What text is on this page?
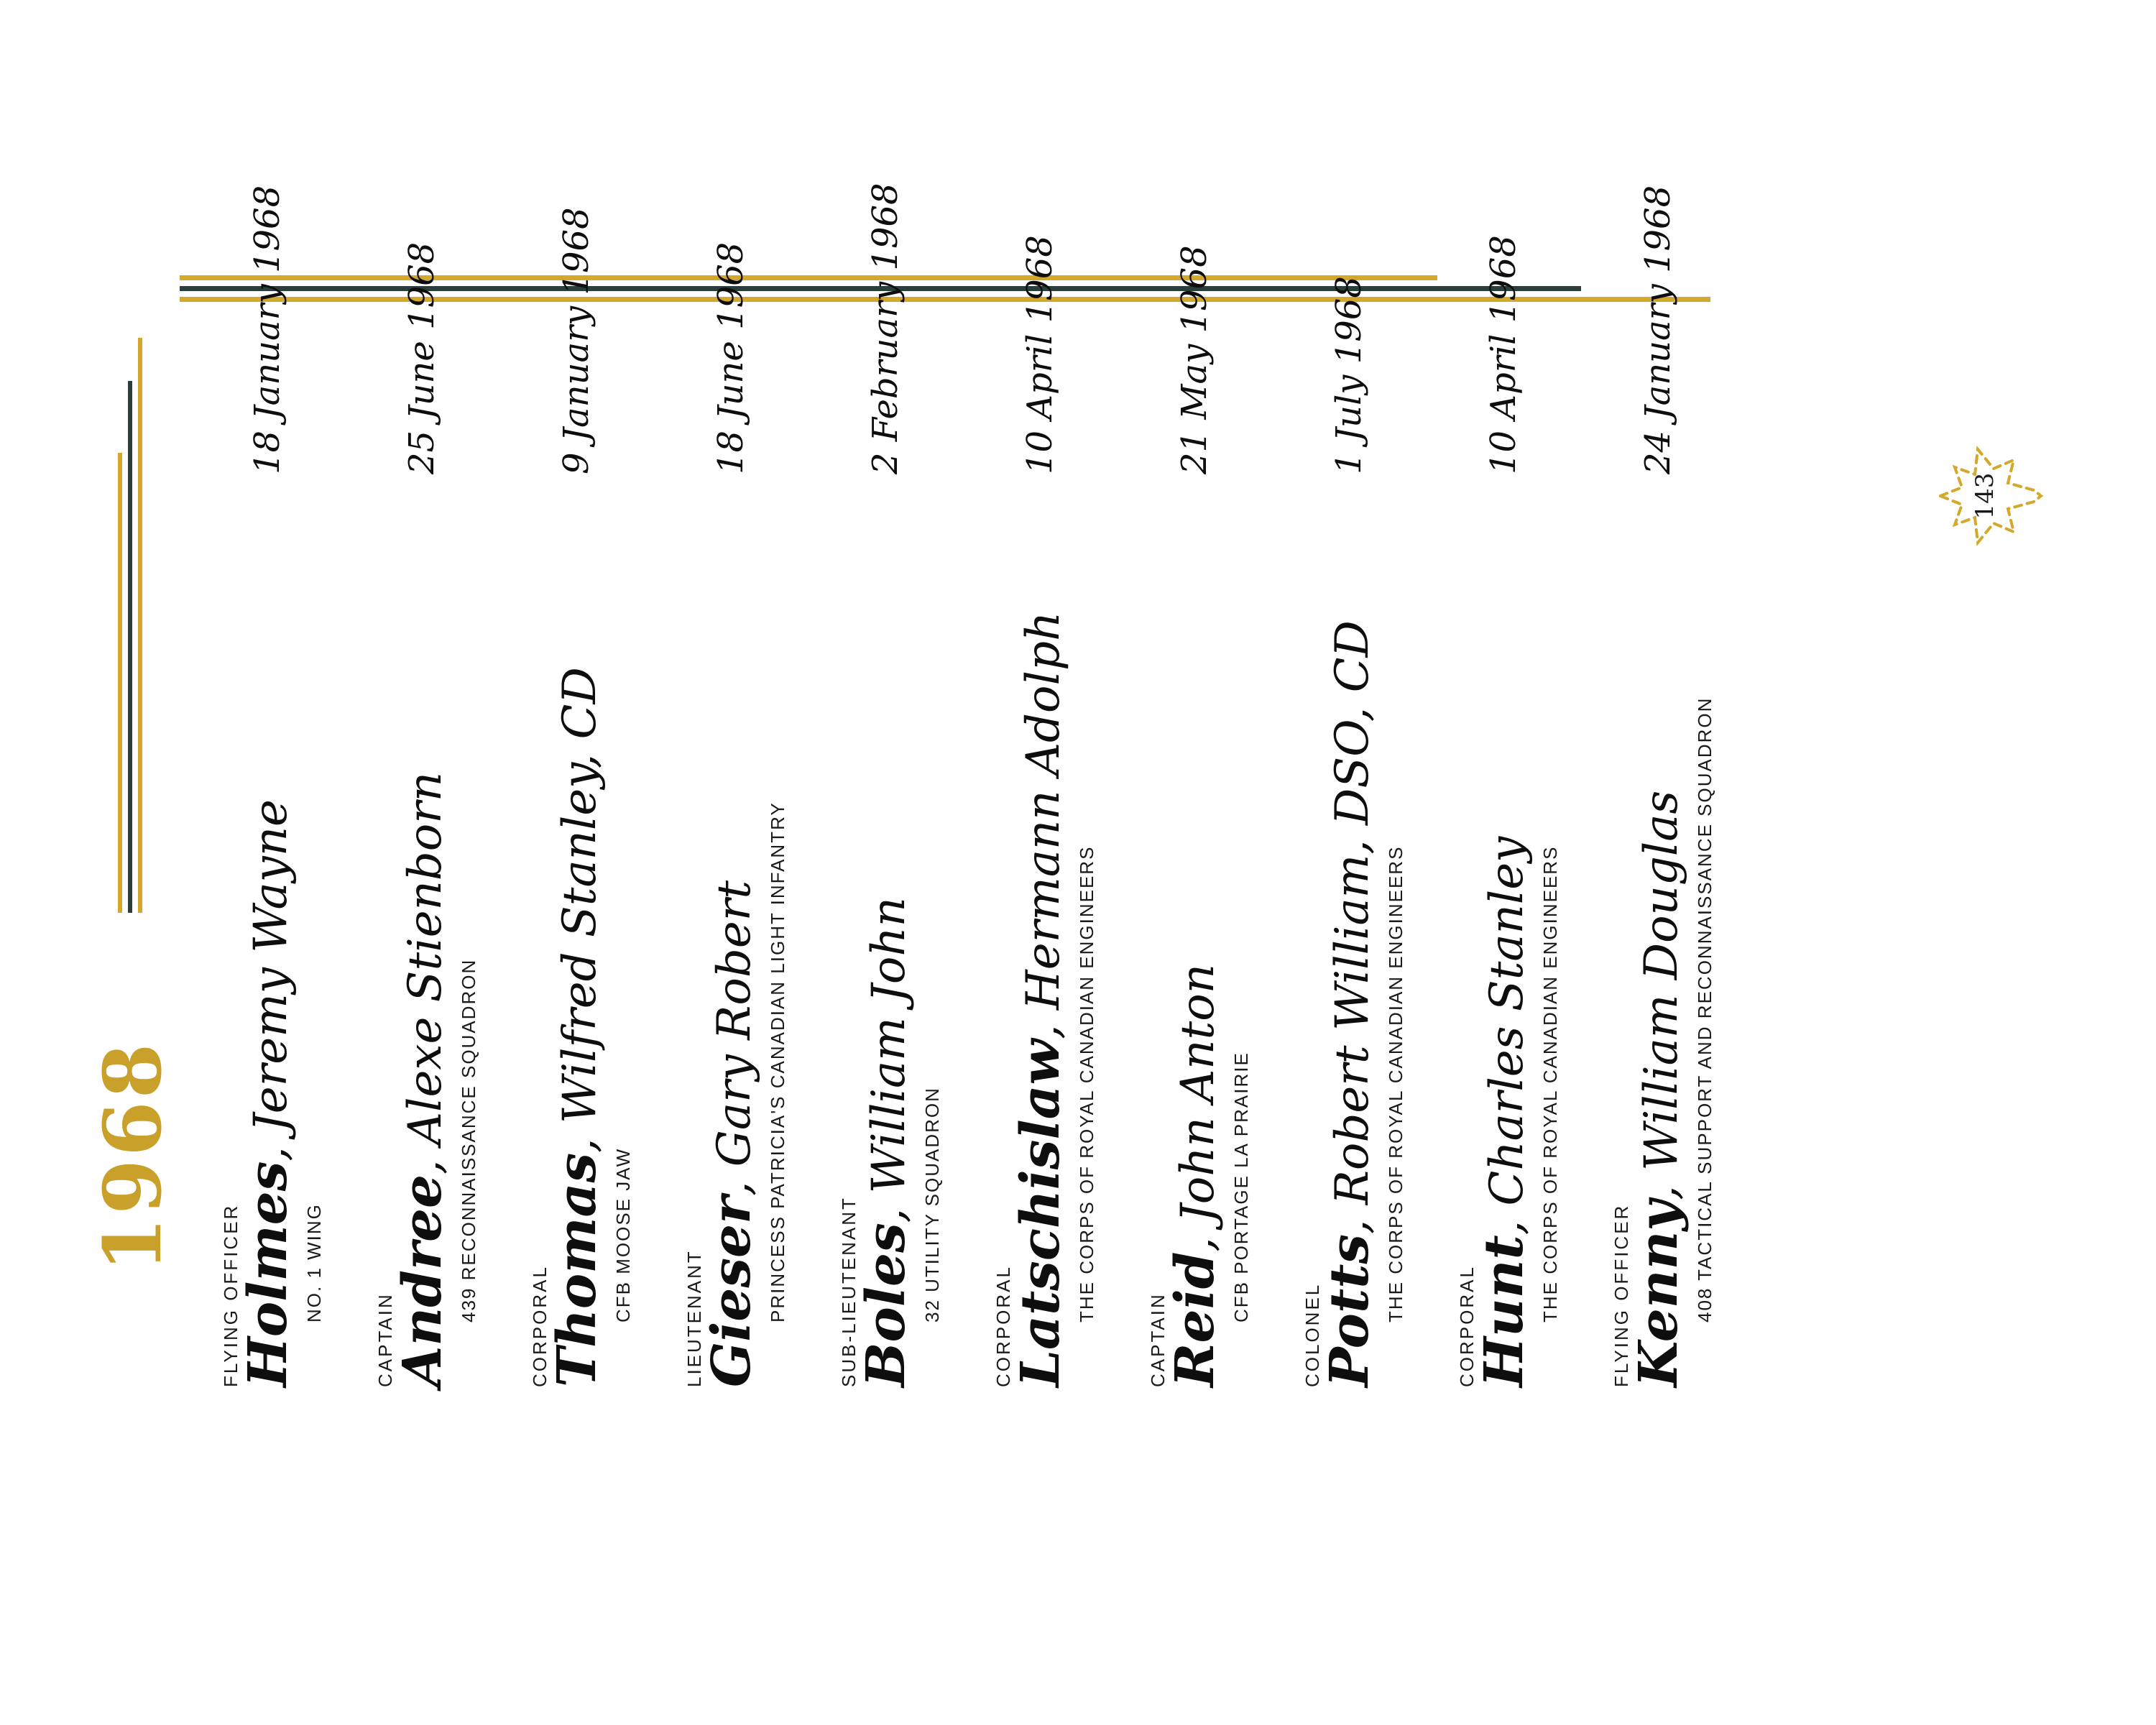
1968
FLYING OFFICER
Holmes, Jeremy Wayne
NO. 1 WING
18 January 1968
CAPTAIN
Andree, Alexe Stienborn 439 RECONNAISSANCE SQUADRON
25 June 1968
CORPORAL
Thomas, Wilfred Stanley, CD
CFB MOOSE JAW
9 January 1968
LIEUTENANT
Gieser, Gary Robert PRINCESS PATRICIA'S CANADIAN LIGHT INFANTRY
18 June 1968
SUB-LIEUTENANT
Boles, William John
32 UTILITY SQUADRON
2 February 1968
CORPORAL
Latschislaw, Hermann Adolph
THE CORPS OF ROYAL CANADIAN ENGINEERS
10 April 1968
CAPTAIN
Reid, John Anton CFB PORTAGE LA PRAIRIE
21 May 1968
COLONEL
Potts, Robert William, DSO, CD THE CORPS OF ROYAL CANADIAN ENGINEERS
1 July 1968
CORPORAL
Hunt, Charles Stanley THE CORPS OF ROYAL CANADIAN ENGINEERS
10 April 1968
FLYING OFFICER
Kenny, William Douglas 408 TACTICAL SUPPORT AND RECONNAISSANCE SQUADRON
24 January 1968
143
